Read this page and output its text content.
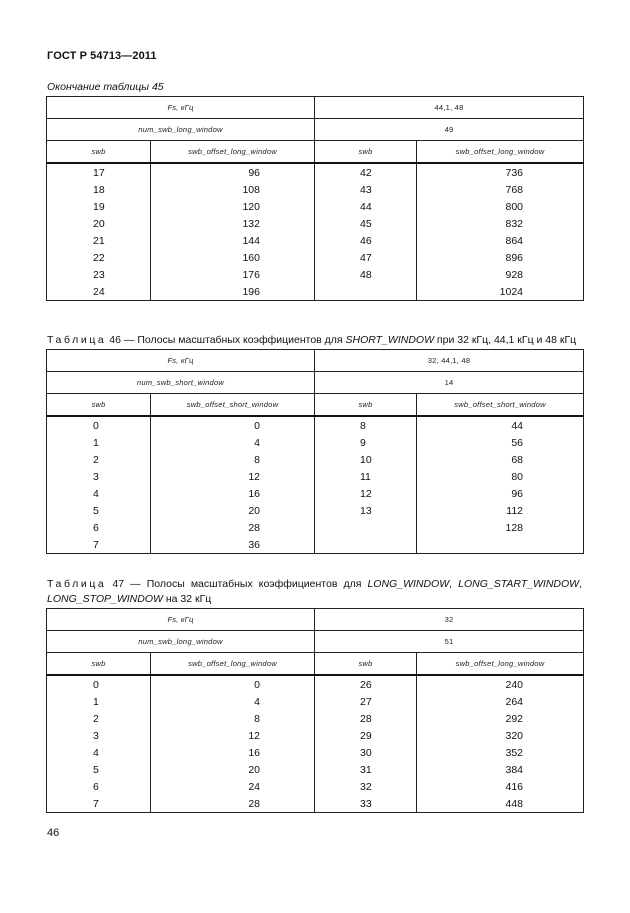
ГОСТ Р 54713—2011
Окончание таблицы 45
Fs, кГц		44,1, 48	
num_swb_long_window		49	
swb	swb_offset_long_window	swb	swb_offset_long_window
17	96	42	736
18	108	43	768
19	120	44	800
20	132	45	832
21	144	46	864
22	160	47	896
23	176	48	928
24	196		1024
Таблица 46 — Полосы масштабных коэффициентов для SHORT_WINDOW при 32 кГц, 44,1 кГц и 48 кГц
Fs, кГц		32, 44,1, 48	
num_swb_short_window		14	
swb	swb_offset_short_window	swb	swb_offset_short_window
0	0	8	44
1	4	9	56
2	8	10	68
3	12	11	80
4	16	12	96
5	20	13	112
6	28		128
7	36		
Таблица 47 — Полосы масштабных коэффициентов для LONG_WINDOW, LONG_START_WINDOW,
LONG_STOP_WINDOW на 32 кГц
Fs, кГц		32	
num_swb_long_window		51	
swb	swb_offset_long_window	swb	swb_offset_long_window
0	0	26	240
1	4	27	264
2	8	28	292
3	12	29	320
4	16	30	352
5	20	31	384
6	24	32	416
7	28	33	448
46
